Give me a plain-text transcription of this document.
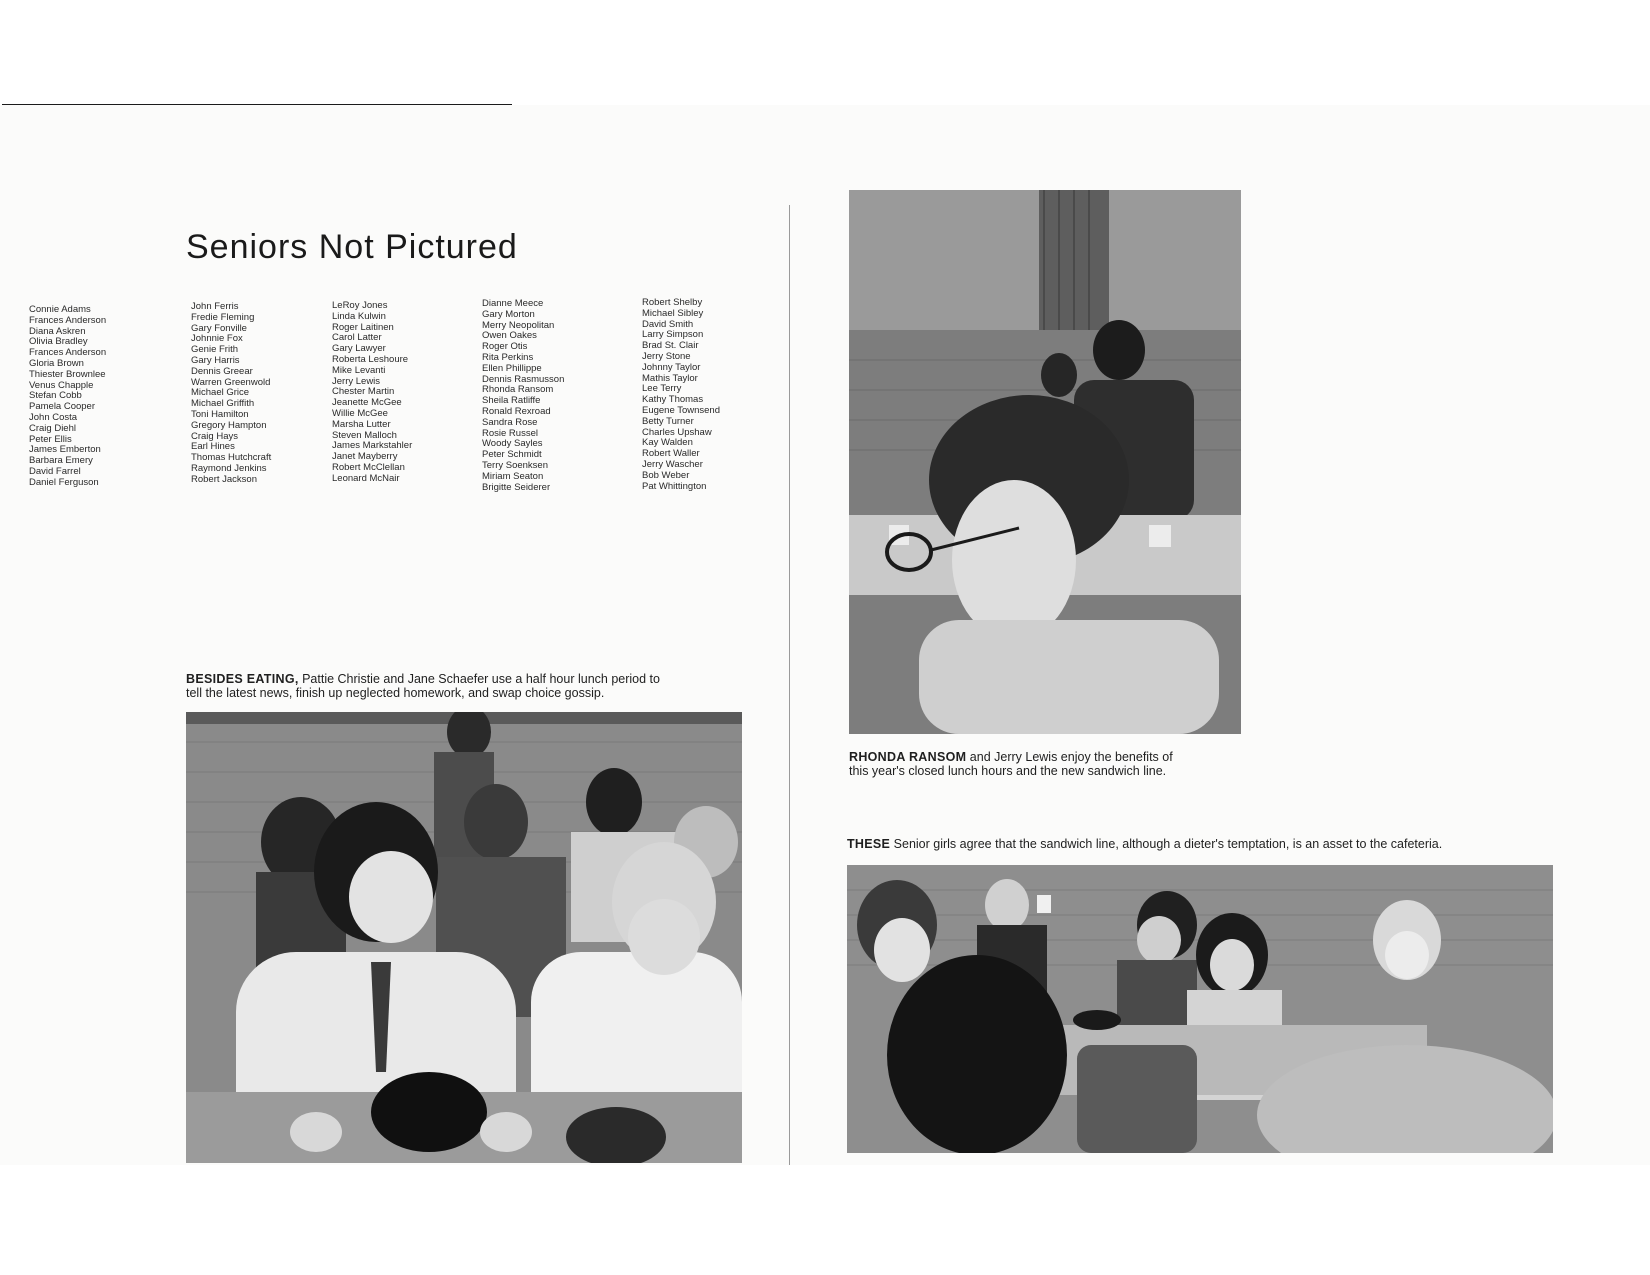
Seniors Not Pictured
Connie Adams
Frances Anderson
Diana Askren
Olivia Bradley
Frances Anderson
Gloria Brown
Thiester Brownlee
Venus Chapple
Stefan Cobb
Pamela Cooper
John Costa
Craig Diehl
Peter Ellis
James Emberton
Barbara Emery
David Farrel
Daniel Ferguson
John Ferris
Fredie Fleming
Gary Fonville
Johnnie Fox
Genie Frith
Gary Harris
Dennis Greear
Warren Greenwold
Michael Grice
Michael Griffith
Toni Hamilton
Gregory Hampton
Craig Hays
Earl Hines
Thomas Hutchcraft
Raymond Jenkins
Robert Jackson
LeRoy Jones
Linda Kulwin
Roger Laitinen
Carol Latter
Gary Lawyer
Roberta Leshoure
Mike Levanti
Jerry Lewis
Chester Martin
Jeanette McGee
Willie McGee
Marsha Lutter
Steven Malloch
James Markstahler
Janet Mayberry
Robert McClellan
Leonard McNair
Dianne Meece
Gary Morton
Merry Neopolitan
Owen Oakes
Roger Otis
Rita Perkins
Ellen Phillippe
Dennis Rasmusson
Rhonda Ransom
Sheila Ratliffe
Ronald Rexroad
Sandra Rose
Rosie Russel
Woody Sayles
Peter Schmidt
Terry Soenksen
Miriam Seaton
Brigitte Seiderer
Robert Shelby
Michael Sibley
David Smith
Larry Simpson
Brad St. Clair
Jerry Stone
Johnny Taylor
Mathis Taylor
Lee Terry
Kathy Thomas
Eugene Townsend
Betty Turner
Charles Upshaw
Kay Walden
Robert Waller
Jerry Wascher
Bob Weber
Pat Whittington
BESIDES EATING, Pattie Christie and Jane Schaefer use a half hour lunch period to
tell the latest news, finish up neglected homework, and swap choice gossip.
RHONDA RANSOM and Jerry Lewis enjoy the benefits of
this year's closed lunch hours and the new sandwich line.
THESE Senior girls agree that the sandwich line, although a dieter's temptation, is an asset to the cafeteria.
